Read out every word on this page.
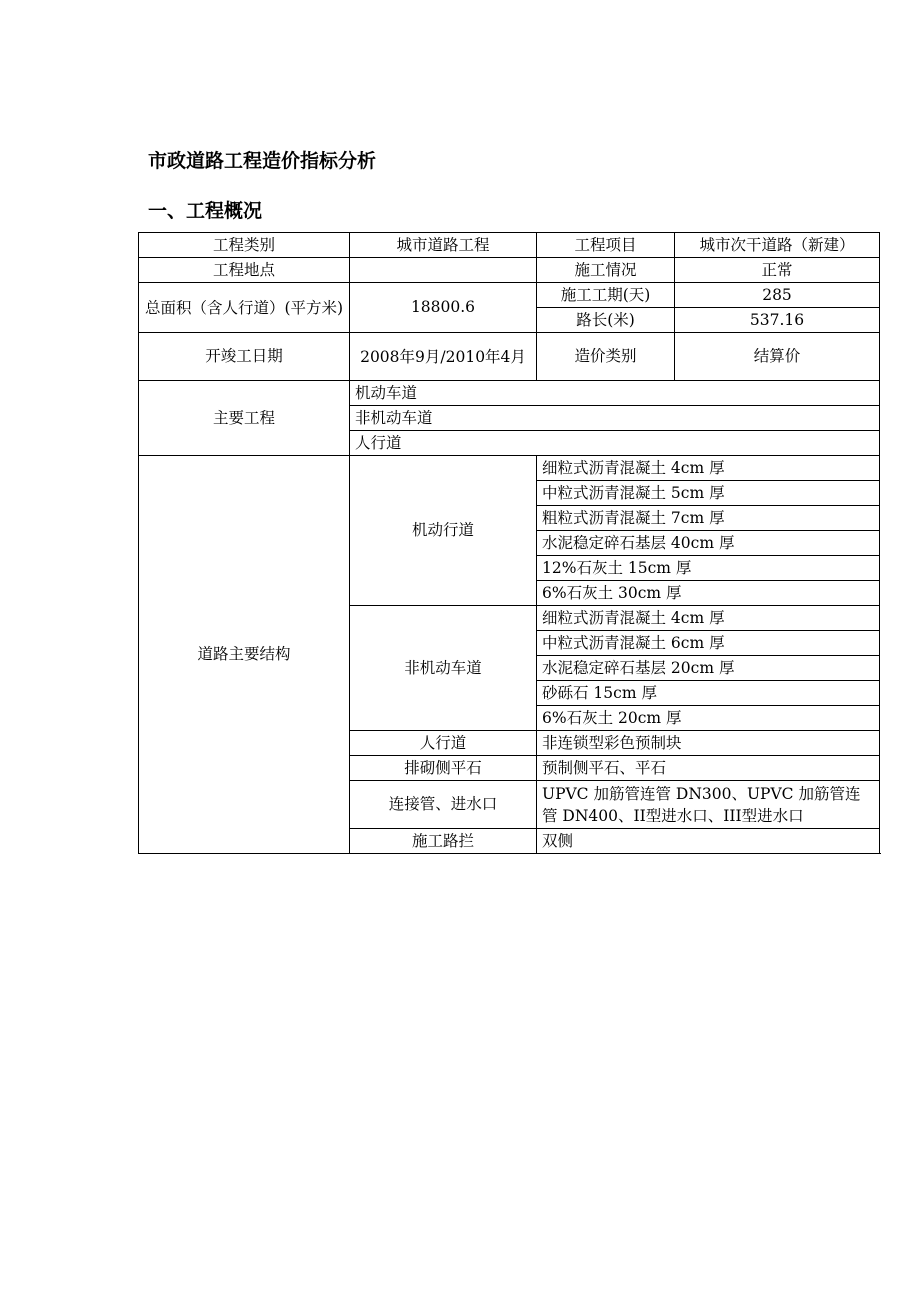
市政道路工程造价指标分析
一、工程概况
工程类别	城市道路工程	工程项目	城市次干道路（新建）
工程地点		施工情况	正常
总面积（含人行道）(平方米)	18800.6	施工工期(天)	285
		路长(米)	537.16
开竣工日期	2008年9月/2010年4月	造价类别	结算价
主要工程	机动车道		
	非机动车道		
	人行道		
道路主要结构	机动行道	细粒式沥青混凝土 4cm 厚	
		中粒式沥青混凝土 5cm 厚	
		粗粒式沥青混凝土 7cm 厚	
		水泥稳定碎石基层 40cm 厚	
		12%石灰土 15cm 厚	
		6%石灰土 30cm 厚	
	非机动车道	细粒式沥青混凝土 4cm 厚	
		中粒式沥青混凝土 6cm 厚	
		水泥稳定碎石基层 20cm 厚	
		砂砾石 15cm 厚	
		6%石灰土 20cm 厚	
	人行道	非连锁型彩色预制块	
	排砌侧平石	预制侧平石、平石	
	连接管、进水口	UPVC 加筋管连管 DN300、UPVC 加筋管连管 DN400、II型进水口、III型进水口	
	施工路拦	双侧	
